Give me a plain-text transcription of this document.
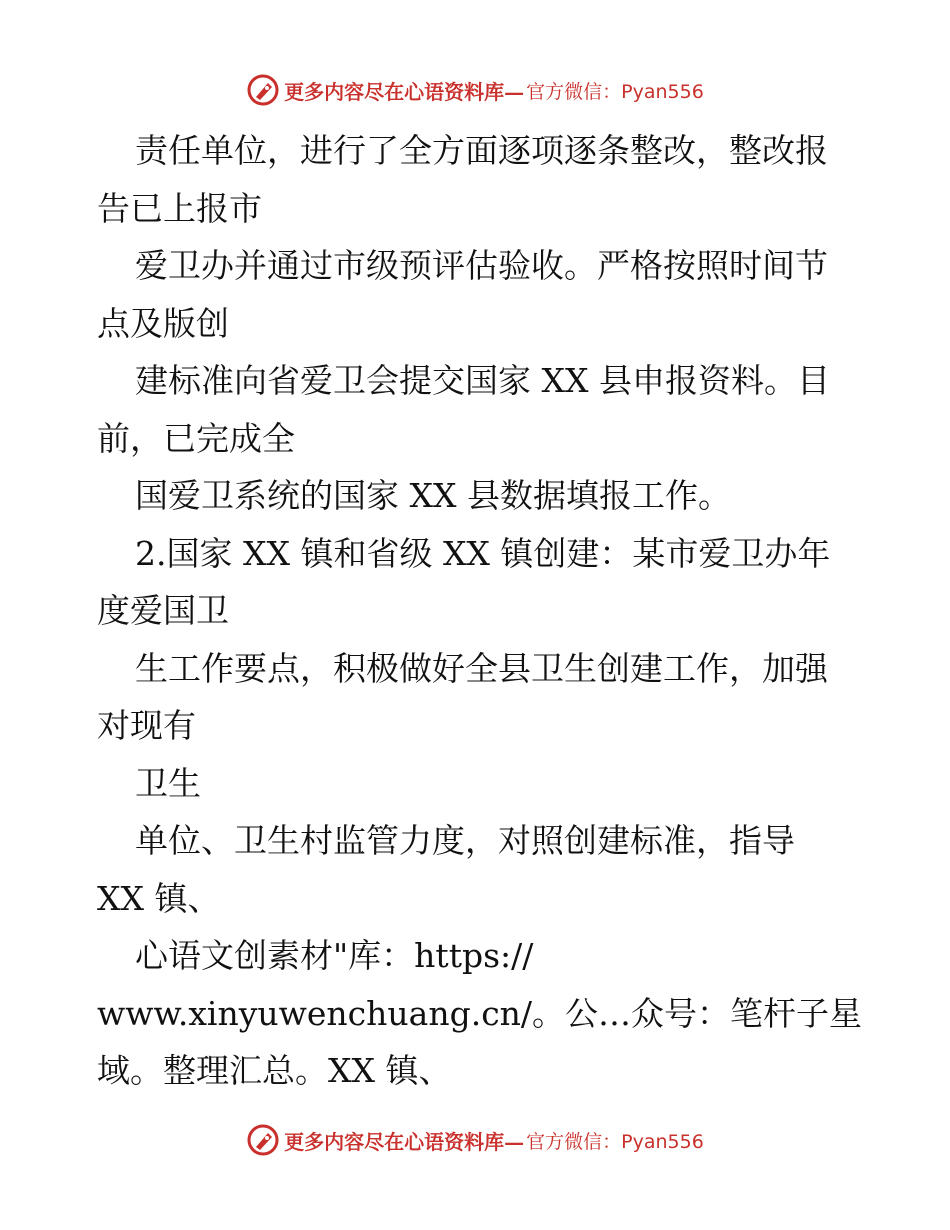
更多内容尽在心语资料库— 官方微信：Pyan556
责任单位，进行了全方面逐项逐条整改，整改报
告已上报市
爱卫办并通过市级预评估验收。严格按照时间节
点及版创
建标准向省爱卫会提交国家 XX 县申报资料。目
前，已完成全
国爱卫系统的国家 XX 县数据填报工作。
2.国家 XX 镇和省级 XX 镇创建：某市爱卫办年
度爱国卫
生工作要点，积极做好全县卫生创建工作，加强
对现有
卫生
单位、卫生村监管力度，对照创建标准，指导
XX 镇、
心语文创素材"库：https://
www.xinyuwenchuang.cn/。公…众号：笔杆子星
域。整理汇总。XX 镇、
更多内容尽在心语资料库— 官方微信：Pyan556
